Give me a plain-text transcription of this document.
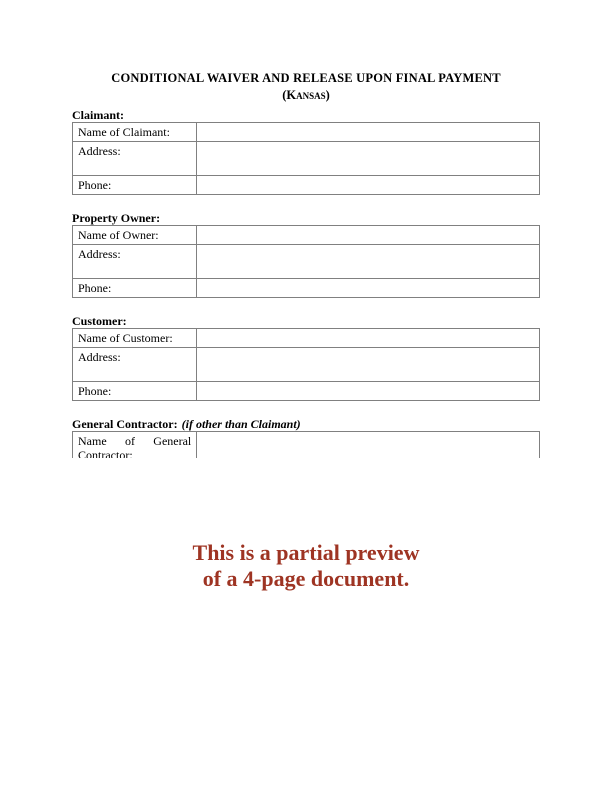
CONDITIONAL WAIVER AND RELEASE UPON FINAL PAYMENT
(Kansas)
Claimant:
Name of Claimant:	
Address:	
Phone:	
Property Owner:
Name of Owner:	
Address:	
Phone:	
Customer:
Name of Customer:	
Address:	
Phone:	
General Contractor: (if other than Claimant)
Name of General Contractor:	
This is a partial preview
of a 4-page document.
